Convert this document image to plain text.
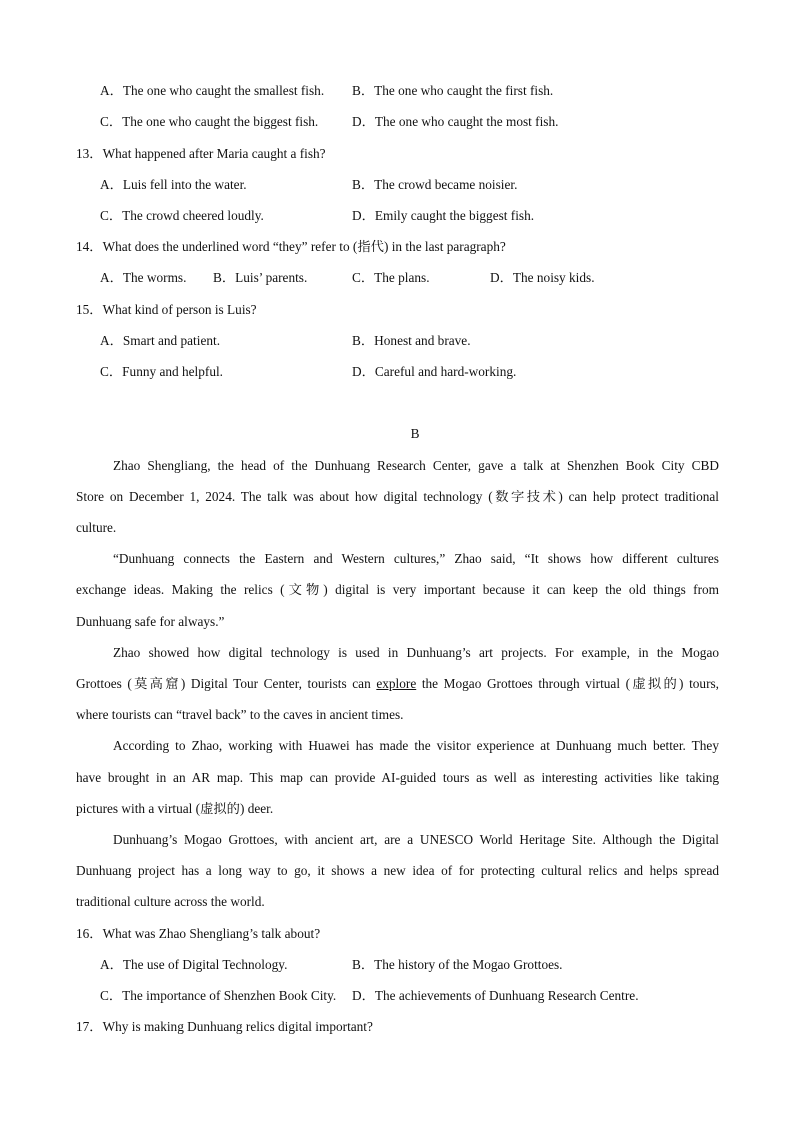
A．The one who caught the smallest fish. B．The one who caught the first fish.
C．The one who caught the biggest fish.	D．The one who caught the most fish.
13．What happened after Maria caught a fish?
A．Luis fell into the water.	B．The crowd became noisier.
C．The crowd cheered loudly.	D．Emily caught the biggest fish.
14．What does the underlined word “they” refer to (指代) in the last paragraph?
A．The worms. B．Luis’ parents.	C．The plans.	D．The noisy kids.
15．What kind of person is Luis?
A．Smart and patient.	B．Honest and brave.
C．Funny and helpful.	D．Careful and hard-working.
B
Zhao Shengliang, the head of the Dunhuang Research Center, gave a talk at Shenzhen Book City CBD
Store on December 1, 2024. The talk was about how digital technology (数字技术) can help protect traditional
culture.
“Dunhuang connects the Eastern and Western cultures,” Zhao said, “It shows how different cultures
exchange ideas. Making the relics (文物) digital is very important because it can keep the old things from
Dunhuang safe for always.”
Zhao showed how digital technology is used in Dunhuang’s art projects. For example, in the Mogao
Grottoes (莫高窟) Digital Tour Center, tourists can explore the Mogao Grottoes through virtual (虚拟的) tours,
where tourists can “travel back” to the caves in ancient times.
According to Zhao, working with Huawei has made the visitor experience at Dunhuang much better. They
have brought in an AR map. This map can provide AI-guided tours as well as interesting activities like taking
pictures with a virtual (虚拟的) deer.
Dunhuang’s Mogao Grottoes, with ancient art, are a UNESCO World Heritage Site. Although the Digital
Dunhuang project has a long way to go, it shows a new idea of for protecting cultural relics and helps spread
traditional culture across the world.
16．What was Zhao Shengliang’s talk about?
A．The use of Digital Technology.	B．The history of the Mogao Grottoes.
C．The importance of Shenzhen Book City. D．The achievements of Dunhuang Research Centre.
17．Why is making Dunhuang relics digital important?
